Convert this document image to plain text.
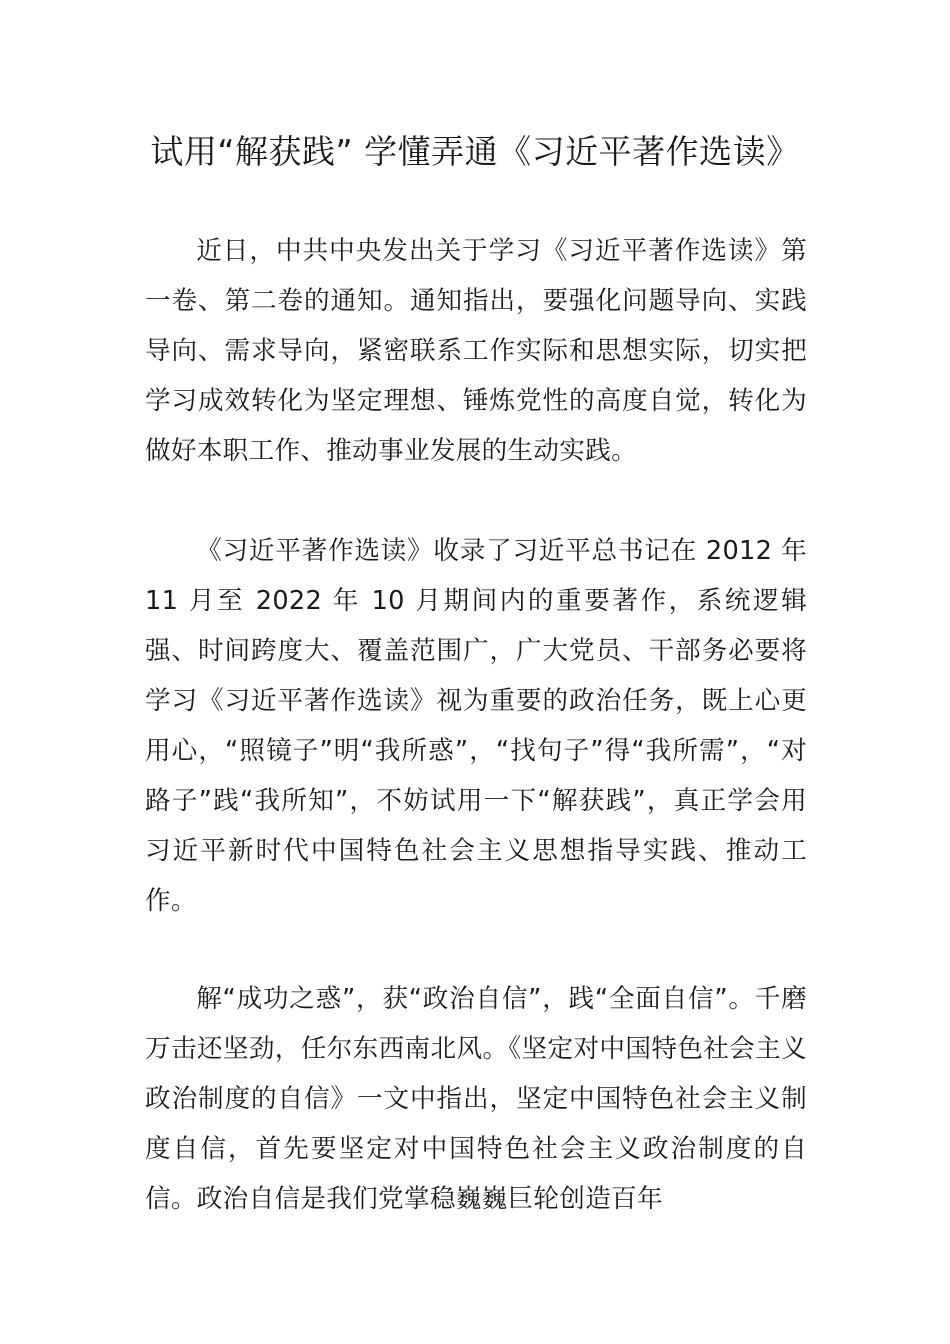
试用“解获践” 学懂弄通《习近平著作选读》

近日，中共中央发出关于学习《习近平著作选读》第一卷、第二卷的通知。通知指出，要强化问题导向、实践导向、需求导向，紧密联系工作实际和思想实际，切实把学习成效转化为坚定理想、锤炼党性的高度自觉，转化为做好本职工作、推动事业发展的生动实践。

《习近平著作选读》收录了习近平总书记在 2012 年 11 月至 2022 年 10 月期间内的重要著作，系统逻辑强、时间跨度大、覆盖范围广，广大党员、干部务必要将学习《习近平著作选读》视为重要的政治任务，既上心更用心，“照镜子”明“我所惑”，“找句子”得“我所需”，“对路子”践“我所知”，不妨试用一下“解获践”，真正学会用习近平新时代中国特色社会主义思想指导实践、推动工作。

解“成功之惑”，获“政治自信”，践“全面自信”。千磨万击还坚劲，任尔东西南北风。《坚定对中国特色社会主义政治制度的自信》一文中指出，坚定中国特色社会主义制度自信，首先要坚定对中国特色社会主义政治制度的自信。政治自信是我们党掌稳巍巍巨轮创造百年
